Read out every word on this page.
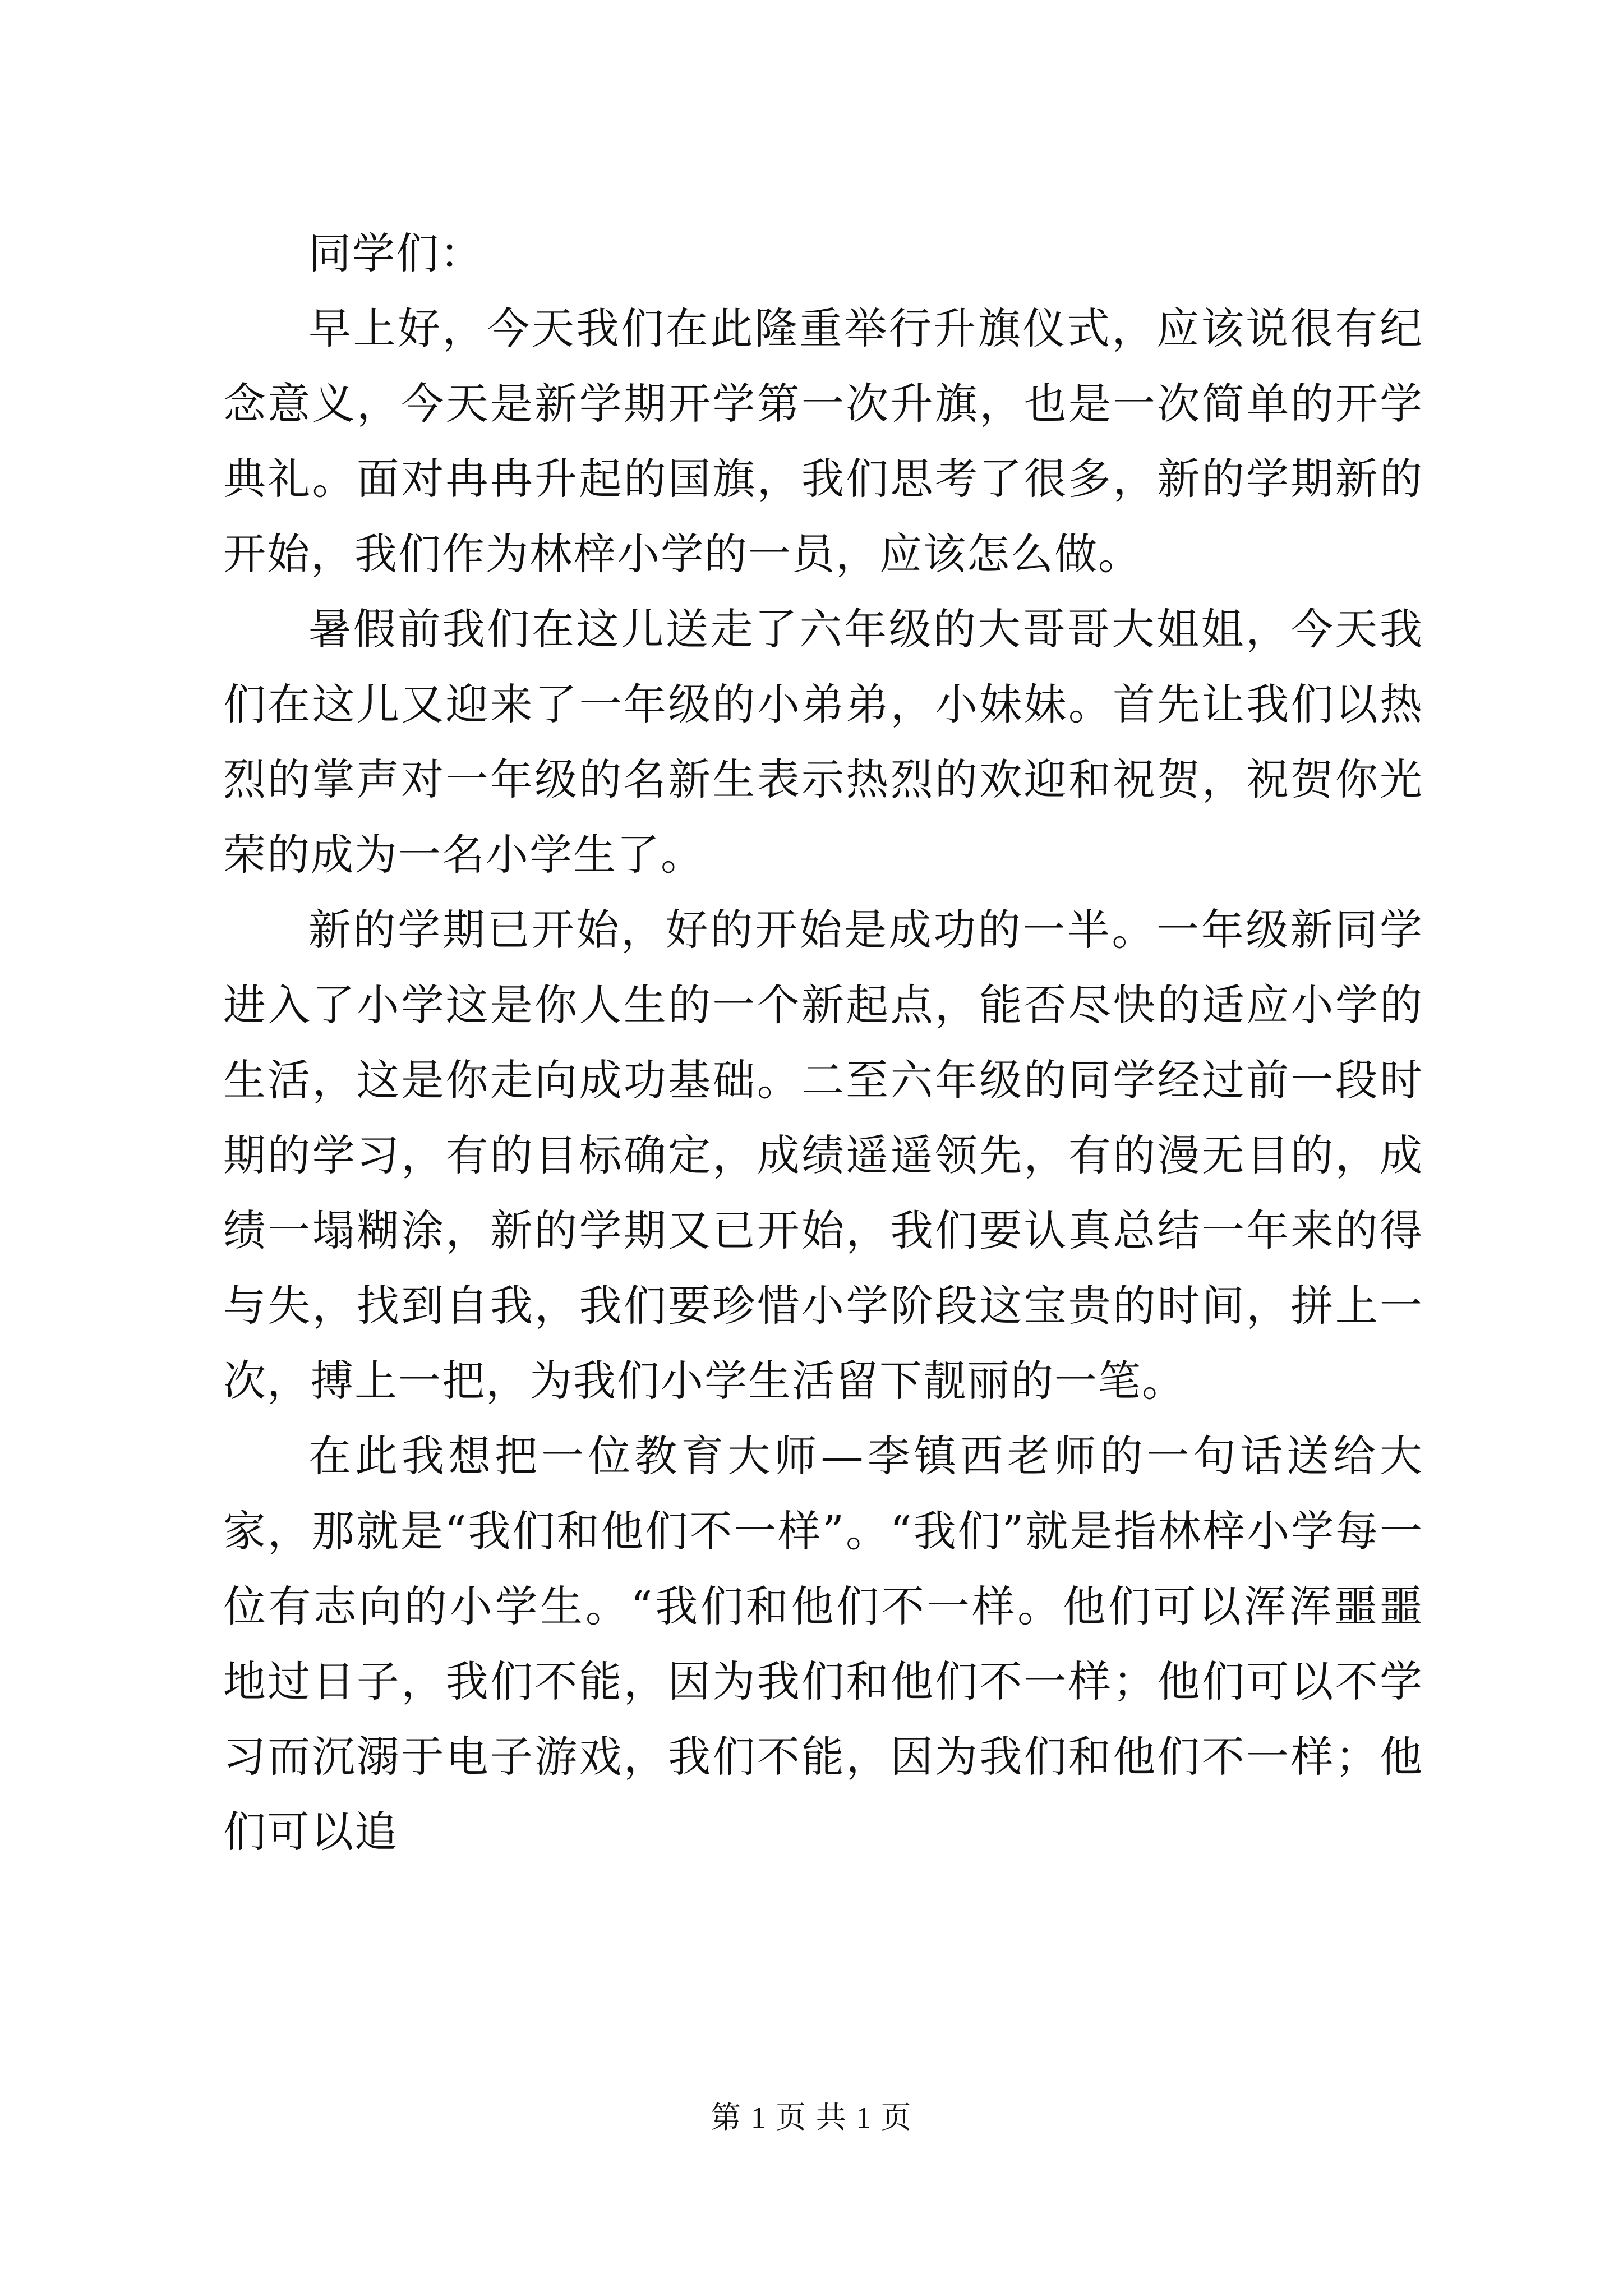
同学们：

早上好，今天我们在此隆重举行升旗仪式，应该说很有纪念意义，今天是新学期开学第一次升旗，也是一次简单的开学典礼。面对冉冉升起的国旗，我们思考了很多，新的学期新的开始，我们作为林梓小学的一员，应该怎么做。

暑假前我们在这儿送走了六年级的大哥哥大姐姐，今天我们在这儿又迎来了一年级的小弟弟，小妹妹。首先让我们以热烈的掌声对一年级的名新生表示热烈的欢迎和祝贺，祝贺你光荣的成为一名小学生了。

新的学期已开始，好的开始是成功的一半。一年级新同学进入了小学这是你人生的一个新起点，能否尽快的适应小学的生活，这是你走向成功基础。二至六年级的同学经过前一段时期的学习，有的目标确定，成绩遥遥领先，有的漫无目的，成绩一塌糊涂，新的学期又已开始，我们要认真总结一年来的得与失，找到自我，我们要珍惜小学阶段这宝贵的时间，拼上一次，搏上一把，为我们小学生活留下靓丽的一笔。

在此我想把一位教育大师—李镇西老师的一句话送给大家，那就是“我们和他们不一样”。“我们”就是指林梓小学每一位有志向的小学生。“我们和他们不一样。他们可以浑浑噩噩地过日子，我们不能，因为我们和他们不一样；他们可以不学习而沉溺于电子游戏，我们不能，因为我们和他们不一样；他们可以追

第 1 页 共 1 页
